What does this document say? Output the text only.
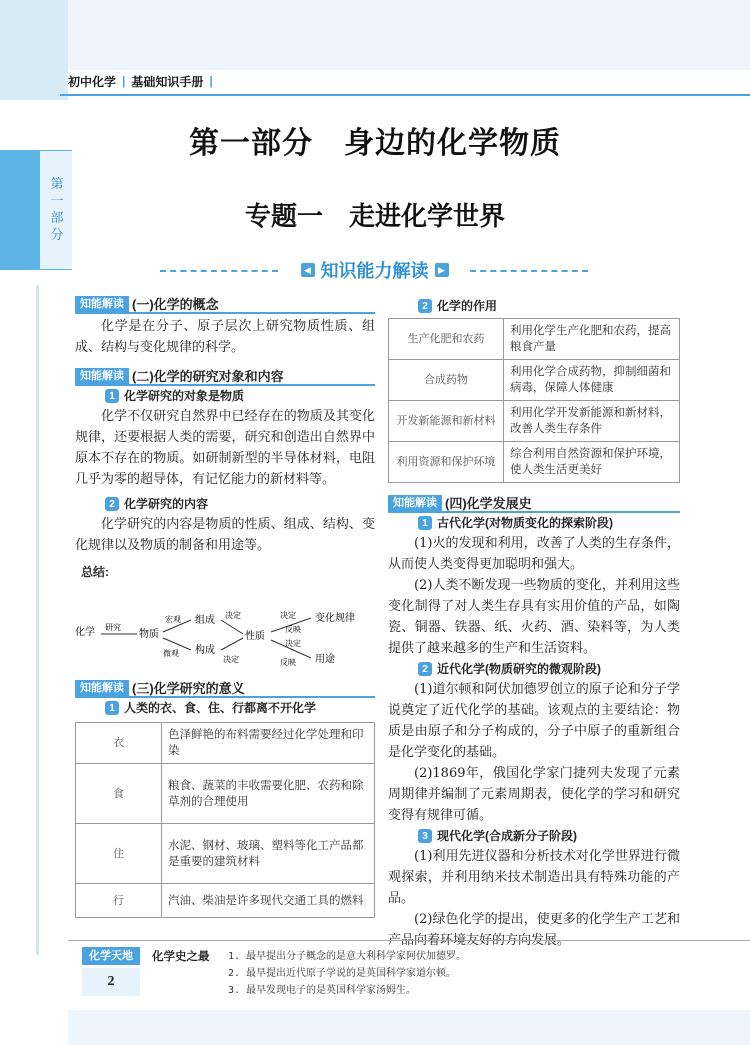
初中化学 | 基础知识手册 |
第
一
部
分
第一部分　身边的化学物质
专题一　走进化学世界
◀ 知识能力解读	▶
知能解读 (一)化学的概念
化学是在分子、原子层次上研究物质性质、组成、结构与变化规律的科学。
知能解读 (二)化学的研究对象和内容
1 化学研究的对象是物质
化学不仅研究自然界中已经存在的物质及其变化规律，还要根据人类的需要，研究和创造出自然界中原本不存在的物质。如研制新型的半导体材料，电阻几乎为零的超导体，有记忆能力的新材料等。
2 化学研究的内容
化学研究的内容是物质的性质、组成、结构、变化规律以及物质的制备和用途等。
总结:
化学 研究
物质
宏观
微观
组成
构成
决定
决定
性质
决定
反映
决定
反映
变化规律
用途
知能解读 (三)化学研究的意义
1 人类的衣、食、住、行都离不开化学
衣	色泽鲜艳的布料需要经过化学处理和印染
食	粮食、蔬菜的丰收需要化肥、农药和除草剂的合理使用
住	水泥、钢材、玻璃、塑料等化工产品都是重要的建筑材料
行	汽油、柴油是许多现代交通工具的燃料
2 化学的作用
生产化肥和农药	利用化学生产化肥和农药，提高粮食产量
合成药物	利用化学合成药物，抑制细菌和病毒，保障人体健康
开发新能源和新材料	利用化学开发新能源和新材料，改善人类生存条件
利用资源和保护环境	综合利用自然资源和保护环境，使人类生活更美好
知能解读 (四)化学发展史
1 古代化学(对物质变化的探索阶段)
(1)火的发现和利用，改善了人类的生存条件，从而使人类变得更加聪明和强大。
(2)人类不断发现一些物质的变化，并利用这些变化制得了对人类生存具有实用价值的产品，如陶瓷、铜器、铁器、纸、火药、酒、染料等，为人类提供了越来越多的生产和生活资料。
2 近代化学(物质研究的微观阶段)
(1)道尔顿和阿伏加德罗创立的原子论和分子学说奠定了近代化学的基础。该观点的主要结论：物质是由原子和分子构成的，分子中原子的重新组合是化学变化的基础。
(2)1869年，俄国化学家门捷列夫发现了元素周期律并编制了元素周期表，使化学的学习和研究变得有规律可循。
3 现代化学(合成新分子阶段)
(1)利用先进仪器和分析技术对化学世界进行微观探索，并利用纳米技术制造出具有特殊功能的产品。
(2)绿色化学的提出，使更多的化学生产工艺和产品向着环境友好的方向发展。
化学天地
2
化学史之最 1. 最早提出分子概念的是意大利科学家阿伏加德罗。
2. 最早提出近代原子学说的是英国科学家道尔顿。
3. 最早发现电子的是英国科学家汤姆生。
